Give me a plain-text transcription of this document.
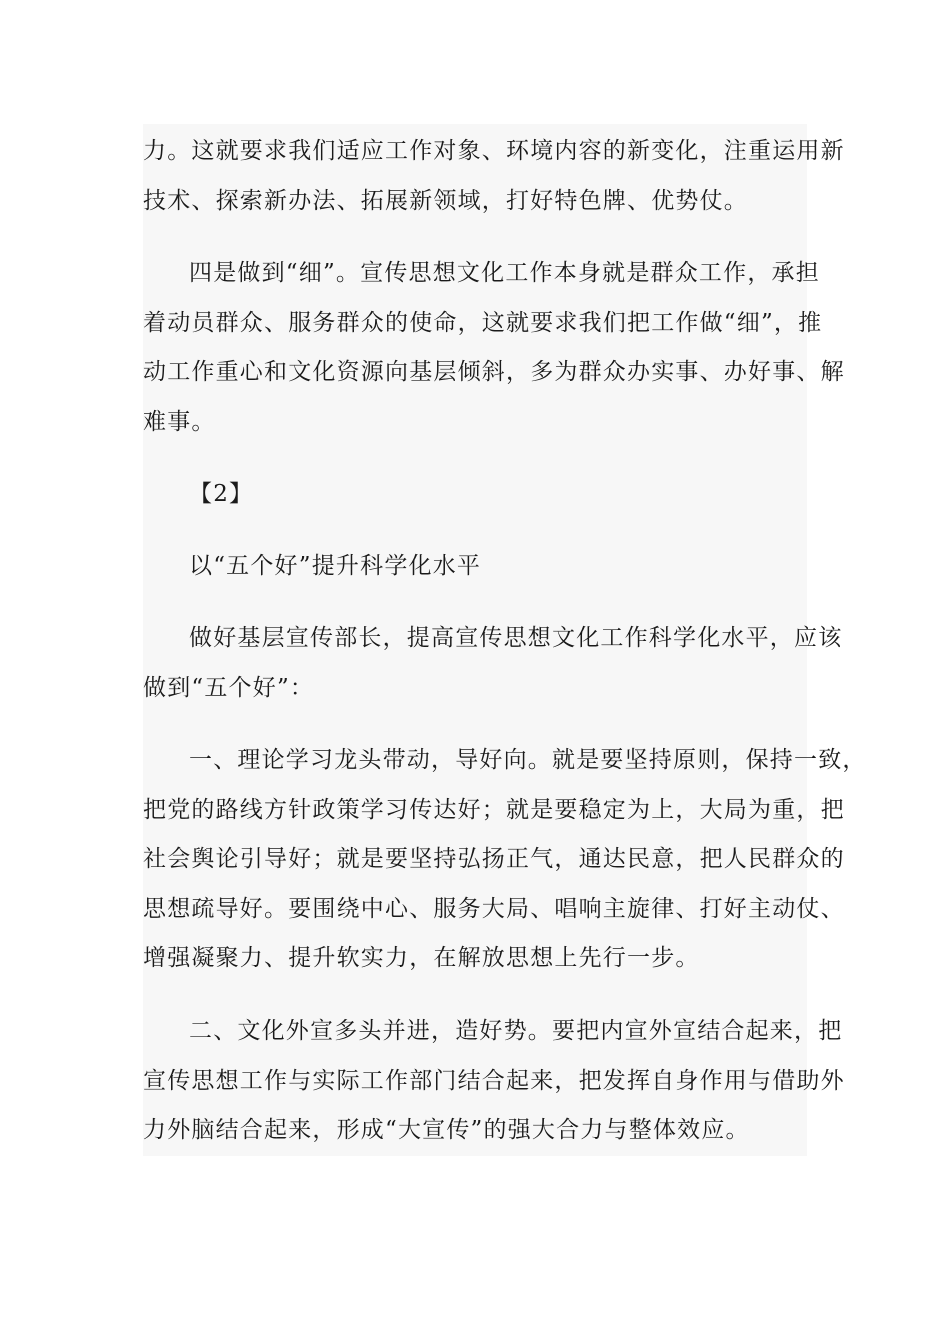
力。这就要求我们适应工作对象、环境内容的新变化，注重运用新
技术、探索新办法、拓展新领域，打好特色牌、优势仗。
四是做到“细”。宣传思想文化工作本身就是群众工作，承担
着动员群众、服务群众的使命，这就要求我们把工作做“细”，推
动工作重心和文化资源向基层倾斜，多为群众办实事、办好事、解
难事。
【2】
以“五个好”提升科学化水平
做好基层宣传部长，提高宣传思想文化工作科学化水平，应该
做到“五个好”：
一、理论学习龙头带动，导好向。就是要坚持原则，保持一致，
把党的路线方针政策学习传达好；就是要稳定为上，大局为重，把
社会舆论引导好；就是要坚持弘扬正气，通达民意，把人民群众的
思想疏导好。要围绕中心、服务大局、唱响主旋律、打好主动仗、
增强凝聚力、提升软实力，在解放思想上先行一步。
二、文化外宣多头并进，造好势。要把内宣外宣结合起来，把
宣传思想工作与实际工作部门结合起来，把发挥自身作用与借助外
力外脑结合起来，形成“大宣传”的强大合力与整体效应。
